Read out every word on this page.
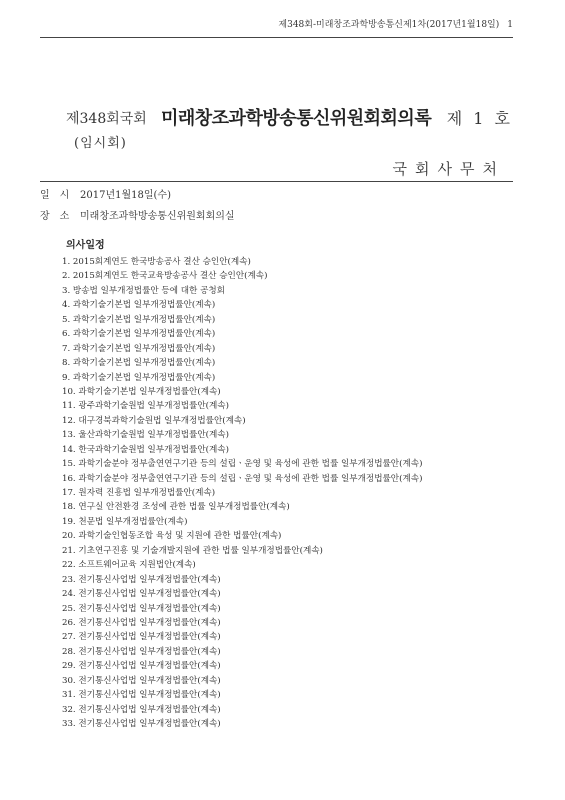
제348회-미래창조과학방송통신제1차(2017년1월18일) 1
제348회국회
(임시회)
미래창조과학방송통신위원회회의록 제 1 호
국회사무처
일시2017년1월18일(수)
장소미래창조과학방송통신위원회회의실
의사일정
1. 2015회계연도 한국방송공사 결산 승인안(계속)
2. 2015회계연도 한국교육방송공사 결산 승인안(계속)
3. 방송법 일부개정법률안 등에 대한 공청회
4. 과학기술기본법 일부개정법률안(계속)
5. 과학기술기본법 일부개정법률안(계속)
6. 과학기술기본법 일부개정법률안(계속)
7. 과학기술기본법 일부개정법률안(계속)
8. 과학기술기본법 일부개정법률안(계속)
9. 과학기술기본법 일부개정법률안(계속)
10. 과학기술기본법 일부개정법률안(계속)
11. 광주과학기술원법 일부개정법률안(계속)
12. 대구경북과학기술원법 일부개정법률안(계속)
13. 울산과학기술원법 일부개정법률안(계속)
14. 한국과학기술원법 일부개정법률안(계속)
15. 과학기술분야 정부출연연구기관 등의 설립ㆍ운영 및 육성에 관한 법률 일부개정법률안(계속)
16. 과학기술분야 정부출연연구기관 등의 설립ㆍ운영 및 육성에 관한 법률 일부개정법률안(계속)
17. 원자력 진흥법 일부개정법률안(계속)
18. 연구실 안전환경 조성에 관한 법률 일부개정법률안(계속)
19. 천문법 일부개정법률안(계속)
20. 과학기술인협동조합 육성 및 지원에 관한 법률안(계속)
21. 기초연구진흥 및 기술개발지원에 관한 법률 일부개정법률안(계속)
22. 소프트웨어교육 지원법안(계속)
23. 전기통신사업법 일부개정법률안(계속)
24. 전기통신사업법 일부개정법률안(계속)
25. 전기통신사업법 일부개정법률안(계속)
26. 전기통신사업법 일부개정법률안(계속)
27. 전기통신사업법 일부개정법률안(계속)
28. 전기통신사업법 일부개정법률안(계속)
29. 전기통신사업법 일부개정법률안(계속)
30. 전기통신사업법 일부개정법률안(계속)
31. 전기통신사업법 일부개정법률안(계속)
32. 전기통신사업법 일부개정법률안(계속)
33. 전기통신사업법 일부개정법률안(계속)
